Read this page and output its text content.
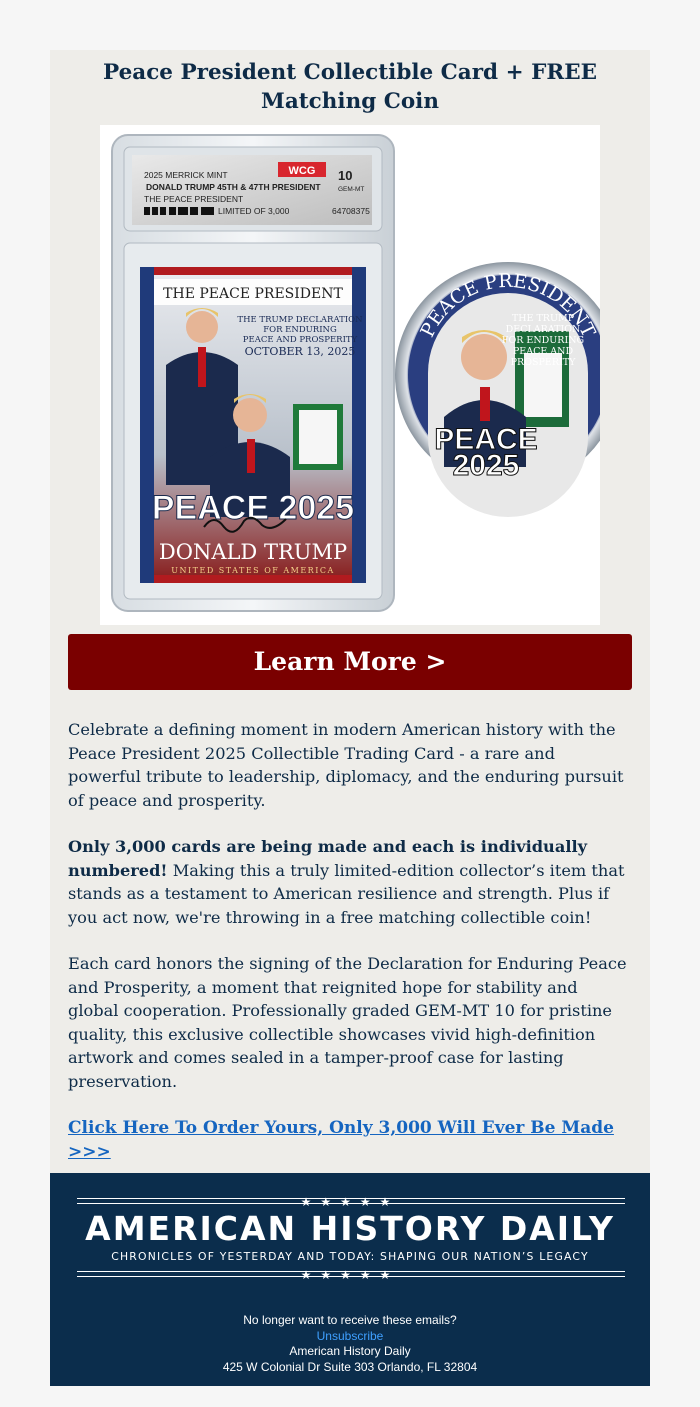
Peace President Collectible Card + FREE
Matching Coin
2025 MERRICK MINT
DONALD TRUMP 45TH & 47TH PRESIDENT
THE PEACE PRESIDENT
LIMITED OF 3,000
WCG 10
GEM-MT
64708375
THE PEACE PRESIDENT
THE TRUMP DECLARATION
FOR ENDURING
PEACE AND PROSPERITY
OCTOBER 13, 2025
PEACE 2025
DONALD TRUMP
UNITED STATES OF AMERICA
PEACE PRESIDENT
THE TRUMP
DECLARATION
FOR ENDURING
PEACE AND
PROSPERITY
PEACE
2025
Learn More >

Celebrate a defining moment in modern American history with the Peace President 2025 Collectible Trading Card - a rare and powerful tribute to leadership, diplomacy, and the enduring pursuit of peace and prosperity.

Only 3,000 cards are being made and each is individually numbered! Making this a truly limited-edition collector’s item that stands as a testament to American resilience and strength. Plus if you act now, we're throwing in a free matching collectible coin!

Each card honors the signing of the Declaration for Enduring Peace and Prosperity, a moment that reignited hope for stability and global cooperation. Professionally graded GEM-MT 10 for pristine quality, this exclusive collectible showcases vivid high-definition artwork and comes sealed in a tamper-proof case for lasting preservation.

Click Here To Order Yours, Only 3,000 Will Ever Be Made >>>
★★★★★
AMERICAN HISTORY DAILY
CHRONICLES OF YESTERDAY AND TODAY: SHAPING OUR NATION’S LEGACY
★★★★★
No longer want to receive these emails?
Unsubscribe
American History Daily
425 W Colonial Dr Suite 303 Orlando, FL 32804
